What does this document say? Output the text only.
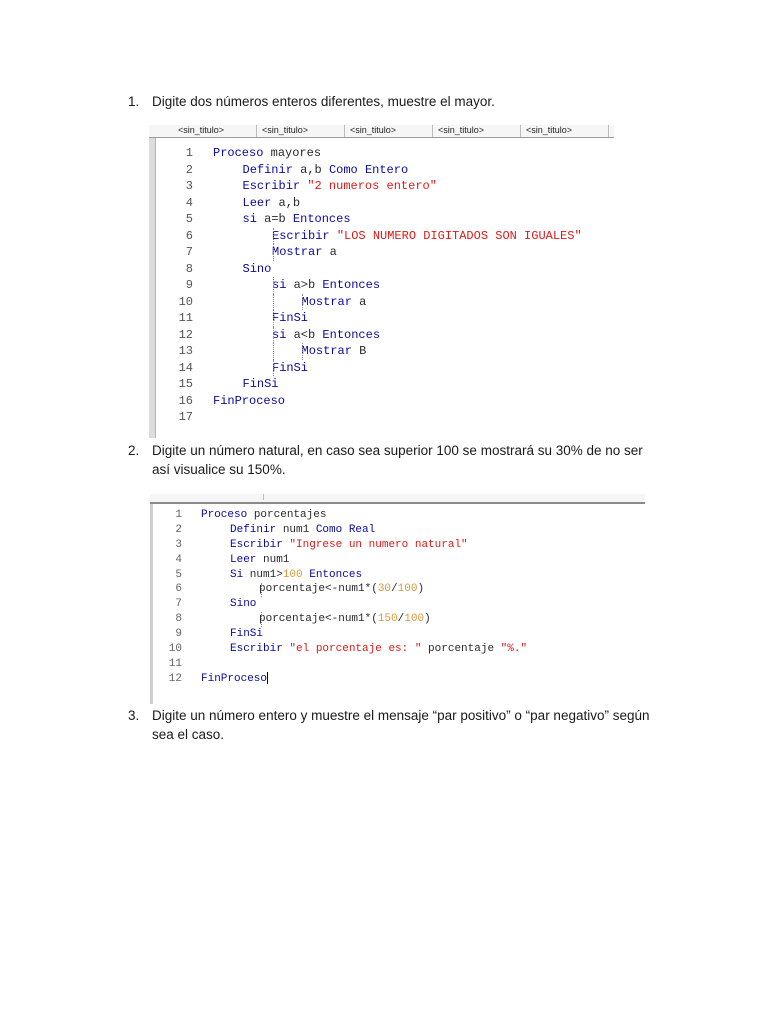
1. Digite dos números enteros diferentes, muestre el mayor.
<sin_titulo>	<sin_titulo>	<sin_titulo>	<sin_titulo>	<sin_titulo>
1 Proceso mayores
2	Definir a,b Como Entero
3	Escribir "2 numeros entero"
4	Leer a,b
5	si a=b Entonces
6	Escribir "LOS NUMERO DIGITADOS SON IGUALES"
7	Mostrar a
8	Sino
9	si a>b Entonces
10	Mostrar a
11	FinSi
12	si a<b Entonces
13	Mostrar B
14	FinSi
15	FinSi
16 FinProceso
17
2. Digite un número natural, en caso sea superior 100 se mostrará su 30% de no ser así visualice su 150%.
1 Proceso porcentajes
2	Definir num1 Como Real
3	Escribir "Ingrese un numero natural"
4	Leer num1
5	Si num1>100 Entonces
6	porcentaje<-num1*(30/100)
7	Sino
8	porcentaje<-num1*(150/100)
9	FinSi
10	Escribir "el porcentaje es: " porcentaje "%."
11
12 FinProceso
3. Digite un número entero y muestre el mensaje “par positivo” o “par negativo” según sea el caso.
